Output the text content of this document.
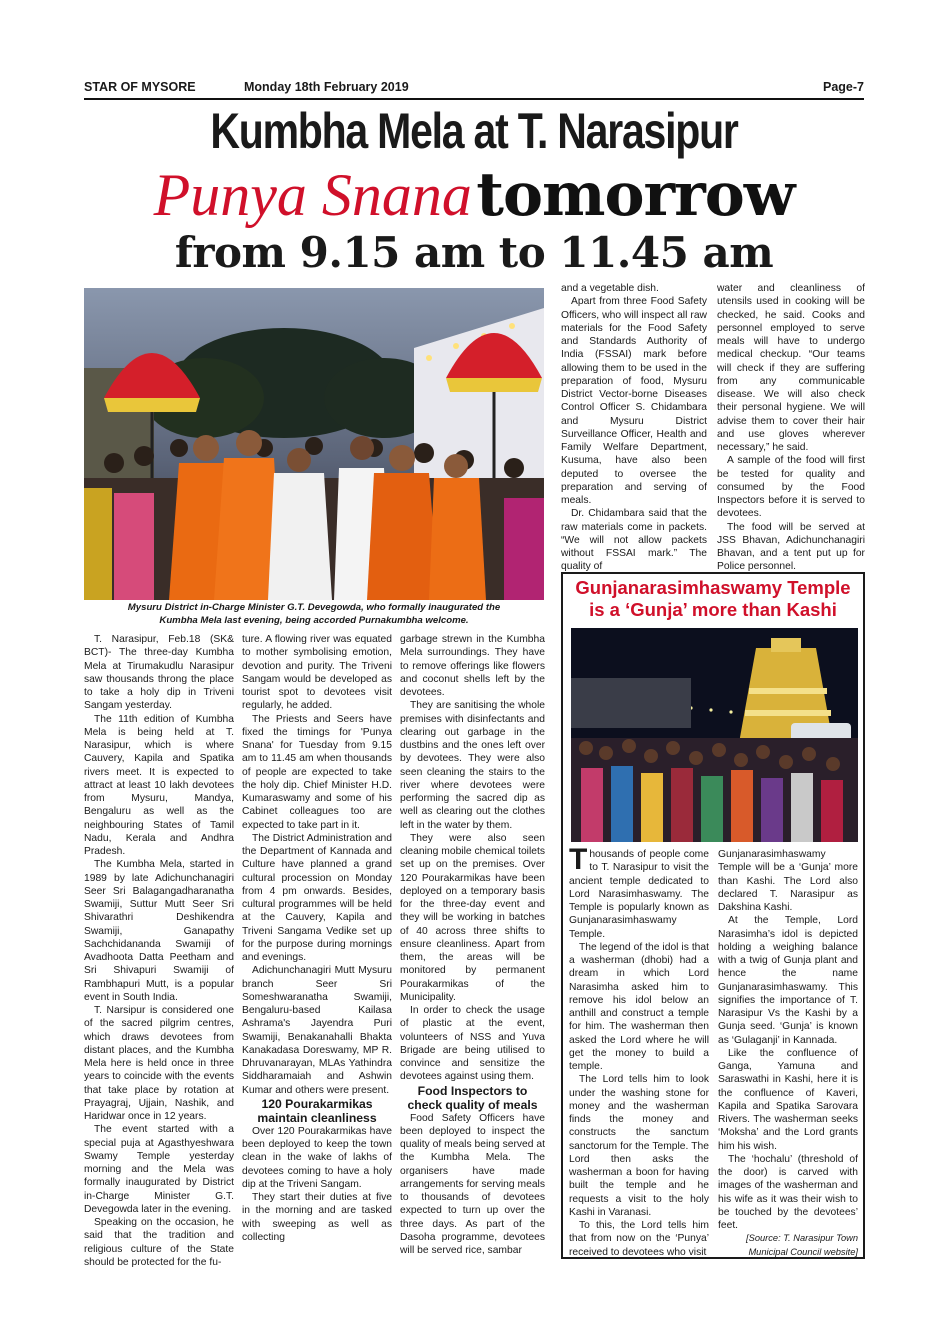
STAR OF MYSORE	Monday 18th February 2019	Page-7
Kumbha Mela at T. Narasipur
Punya Snana tomorrow
from 9.15 am to 11.45 am
Mysuru District in-Charge Minister G.T. Devegowda, who formally inaugurated the
Kumbha Mela last evening, being accorded Purnakumbha welcome.

T. Narasipur, Feb.18 (SK& BCT)- The three-day Kumbha Mela at Tirumakudlu Narasipur saw thousands throng the place to take a holy dip in Triveni Sangam yesterday.

The 11th edition of Kumbha Mela is being held at T. Narasipur, which is where Cauvery, Kapila and Spatika rivers meet. It is expected to attract at least 10 lakh devotees from Mysuru, Mandya, Bengaluru as well as the neighbouring States of Tamil Nadu, Kerala and Andhra Pradesh.

The Kumbha Mela, started in 1989 by late Adichunchanagiri Seer Sri Balagangadharanatha Swamiji, Suttur Mutt Seer Sri Shivarathri Deshikendra Swamiji, Ganapathy Sachchidananda Swamiji of Avadhoota Datta Peetham and Sri Shivapuri Swamiji of Rambhapuri Mutt, is a popular event in South India.

T. Narsipur is considered one of the sacred pilgrim centres, which draws devotees from distant places, and the Kumbha Mela here is held once in three years to coincide with the events that take place by rotation at Prayagraj, Ujjain, Nashik, and Haridwar once in 12 years.

The event started with a special puja at Agasthyeshwara Swamy Temple yesterday morning and the Mela was formally inaugurated by District in-Charge Minister G.T. Devegowda later in the evening.

Speaking on the occasion, he said that the tradition and religious culture of the State should be protected for the fu-

ture. A flowing river was equated to mother symbolising emotion, devotion and purity. The Triveni Sangam would be developed as tourist spot to devotees visit regularly, he added.

The Priests and Seers have fixed the timings for 'Punya Snana' for Tuesday from 9.15 am to 11.45 am when thousands of people are expected to take the holy dip. Chief Minister H.D. Kumaraswamy and some of his Cabinet colleagues too are expected to take part in it.

The District Administration and the Department of Kannada and Culture have planned a grand cultural procession on Monday from 4 pm onwards. Besides, cultural programmes will be held at the Cauvery, Kapila and Triveni Sangama Vedike set up for the purpose during mornings and evenings.

Adichunchanagiri Mutt Mysuru branch Seer Sri Someshwaranatha Swamiji, Bengaluru-based Kailasa Ashrama's Jayendra Puri Swamiji, Benakanahalli Bhakta Kanakadasa Doreswamy, MP R. Dhruvanarayan, MLAs Yathindra Siddharamaiah and Ashwin Kumar and others were present.

120 Pourakarmikas maintain cleanliness

Over 120 Pourakarmikas have been deployed to keep the town clean in the wake of lakhs of devotees coming to have a holy dip at the Triveni Sangam.

They start their duties at five in the morning and are tasked with sweeping as well as collecting

garbage strewn in the Kumbha Mela surroundings. They have to remove offerings like flowers and coconut shells left by the devotees.

They are sanitising the whole premises with disinfectants and clearing out garbage in the dustbins and the ones left over by devotees. They were also seen cleaning the stairs to the river where devotees were performing the sacred dip as well as clearing out the clothes left in the water by them.

They were also seen cleaning mobile chemical toilets set up on the premises. Over 120 Pourakarmikas have been deployed on a temporary basis for the three-day event and they will be working in batches of 40 across three shifts to ensure cleanliness. Apart from them, the areas will be monitored by permanent Pourakarmikas of the Municipality.

In order to check the usage of plastic at the event, volunteers of NSS and Yuva Brigade are being utilised to convince and sensitize the devotees against using them.

Food Inspectors to check quality of meals

Food Safety Officers have been deployed to inspect the quality of meals being served at the Kumbha Mela. The organisers have made arrangements for serving meals to thousands of devotees expected to turn up over the three days. As part of the Dasoha programme, devotees will be served rice, sambar

and a vegetable dish.

Apart from three Food Safety Officers, who will inspect all raw materials for the Food Safety and Standards Authority of India (FSSAI) mark before allowing them to be used in the preparation of food, Mysuru District Vector-borne Diseases Control Officer S. Chidambara and Mysuru District Surveillance Officer, Health and Family Welfare Department, Kusuma, have also been deputed to oversee the preparation and serving of meals.

Dr. Chidambara said that the raw materials come in packets. “We will not allow packets without FSSAI mark.” The quality of

water and cleanliness of utensils used in cooking will be checked, he said. Cooks and personnel employed to serve meals will have to undergo medical checkup. “Our teams will check if they are suffering from any communicable disease. We will also check their personal hygiene. We will advise them to cover their hair and use gloves wherever necessary,” he said.

A sample of the food will first be tested for quality and consumed by the Food Inspectors before it is served to devotees.

The food will be served at JSS Bhavan, Adichunchanagiri Bhavan, and a tent put up for Police personnel.

Gunjanarasimhaswamy Temple
is a ‘Gunja’ more than Kashi

Thousands of people come to T. Narasipur to visit the ancient temple dedicated to Lord Narasimhaswamy. The Temple is popularly known as Gunjanarasimhaswamy Temple.

The legend of the idol is that a washerman (dhobi) had a dream in which Lord Narasimha asked him to remove his idol below an anthill and construct a temple for him. The washerman then asked the Lord where he will get the money to build a temple.

The Lord tells him to look under the washing stone for money and the washerman finds the money and constructs the sanctum sanctorum for the Temple. The Lord then asks the washerman a boon for having built the temple and he requests a visit to the holy Kashi in Varanasi.

To this, the Lord tells him that from now on the ‘Punya’ received to devotees who visit

Gunjanarasimhaswamy Temple will be a ‘Gunja’ more than Kashi. The Lord also declared T. Narasipur as Dakshina Kashi.

At the Temple, Lord Narasimha’s idol is depicted holding a weighing balance with a twig of Gunja plant and hence the name Gunjanarasimhaswamy. This signifies the importance of T. Narasipur Vs the Kashi by a Gunja seed. ‘Gunja’ is known as ‘Gulaganji’ in Kannada.

Like the confluence of Ganga, Yamuna and Saraswathi in Kashi, here it is the confluence of Kaveri, Kapila and Spatika Sarovara Rivers. The washerman seeks ‘Moksha’ and the Lord grants him his wish.

The ‘hochalu’ (threshold of the door) is carved with images of the washerman and his wife as it was their wish to be touched by the devotees’ feet.

[Source: T. Narasipur Town Municipal Council website]
